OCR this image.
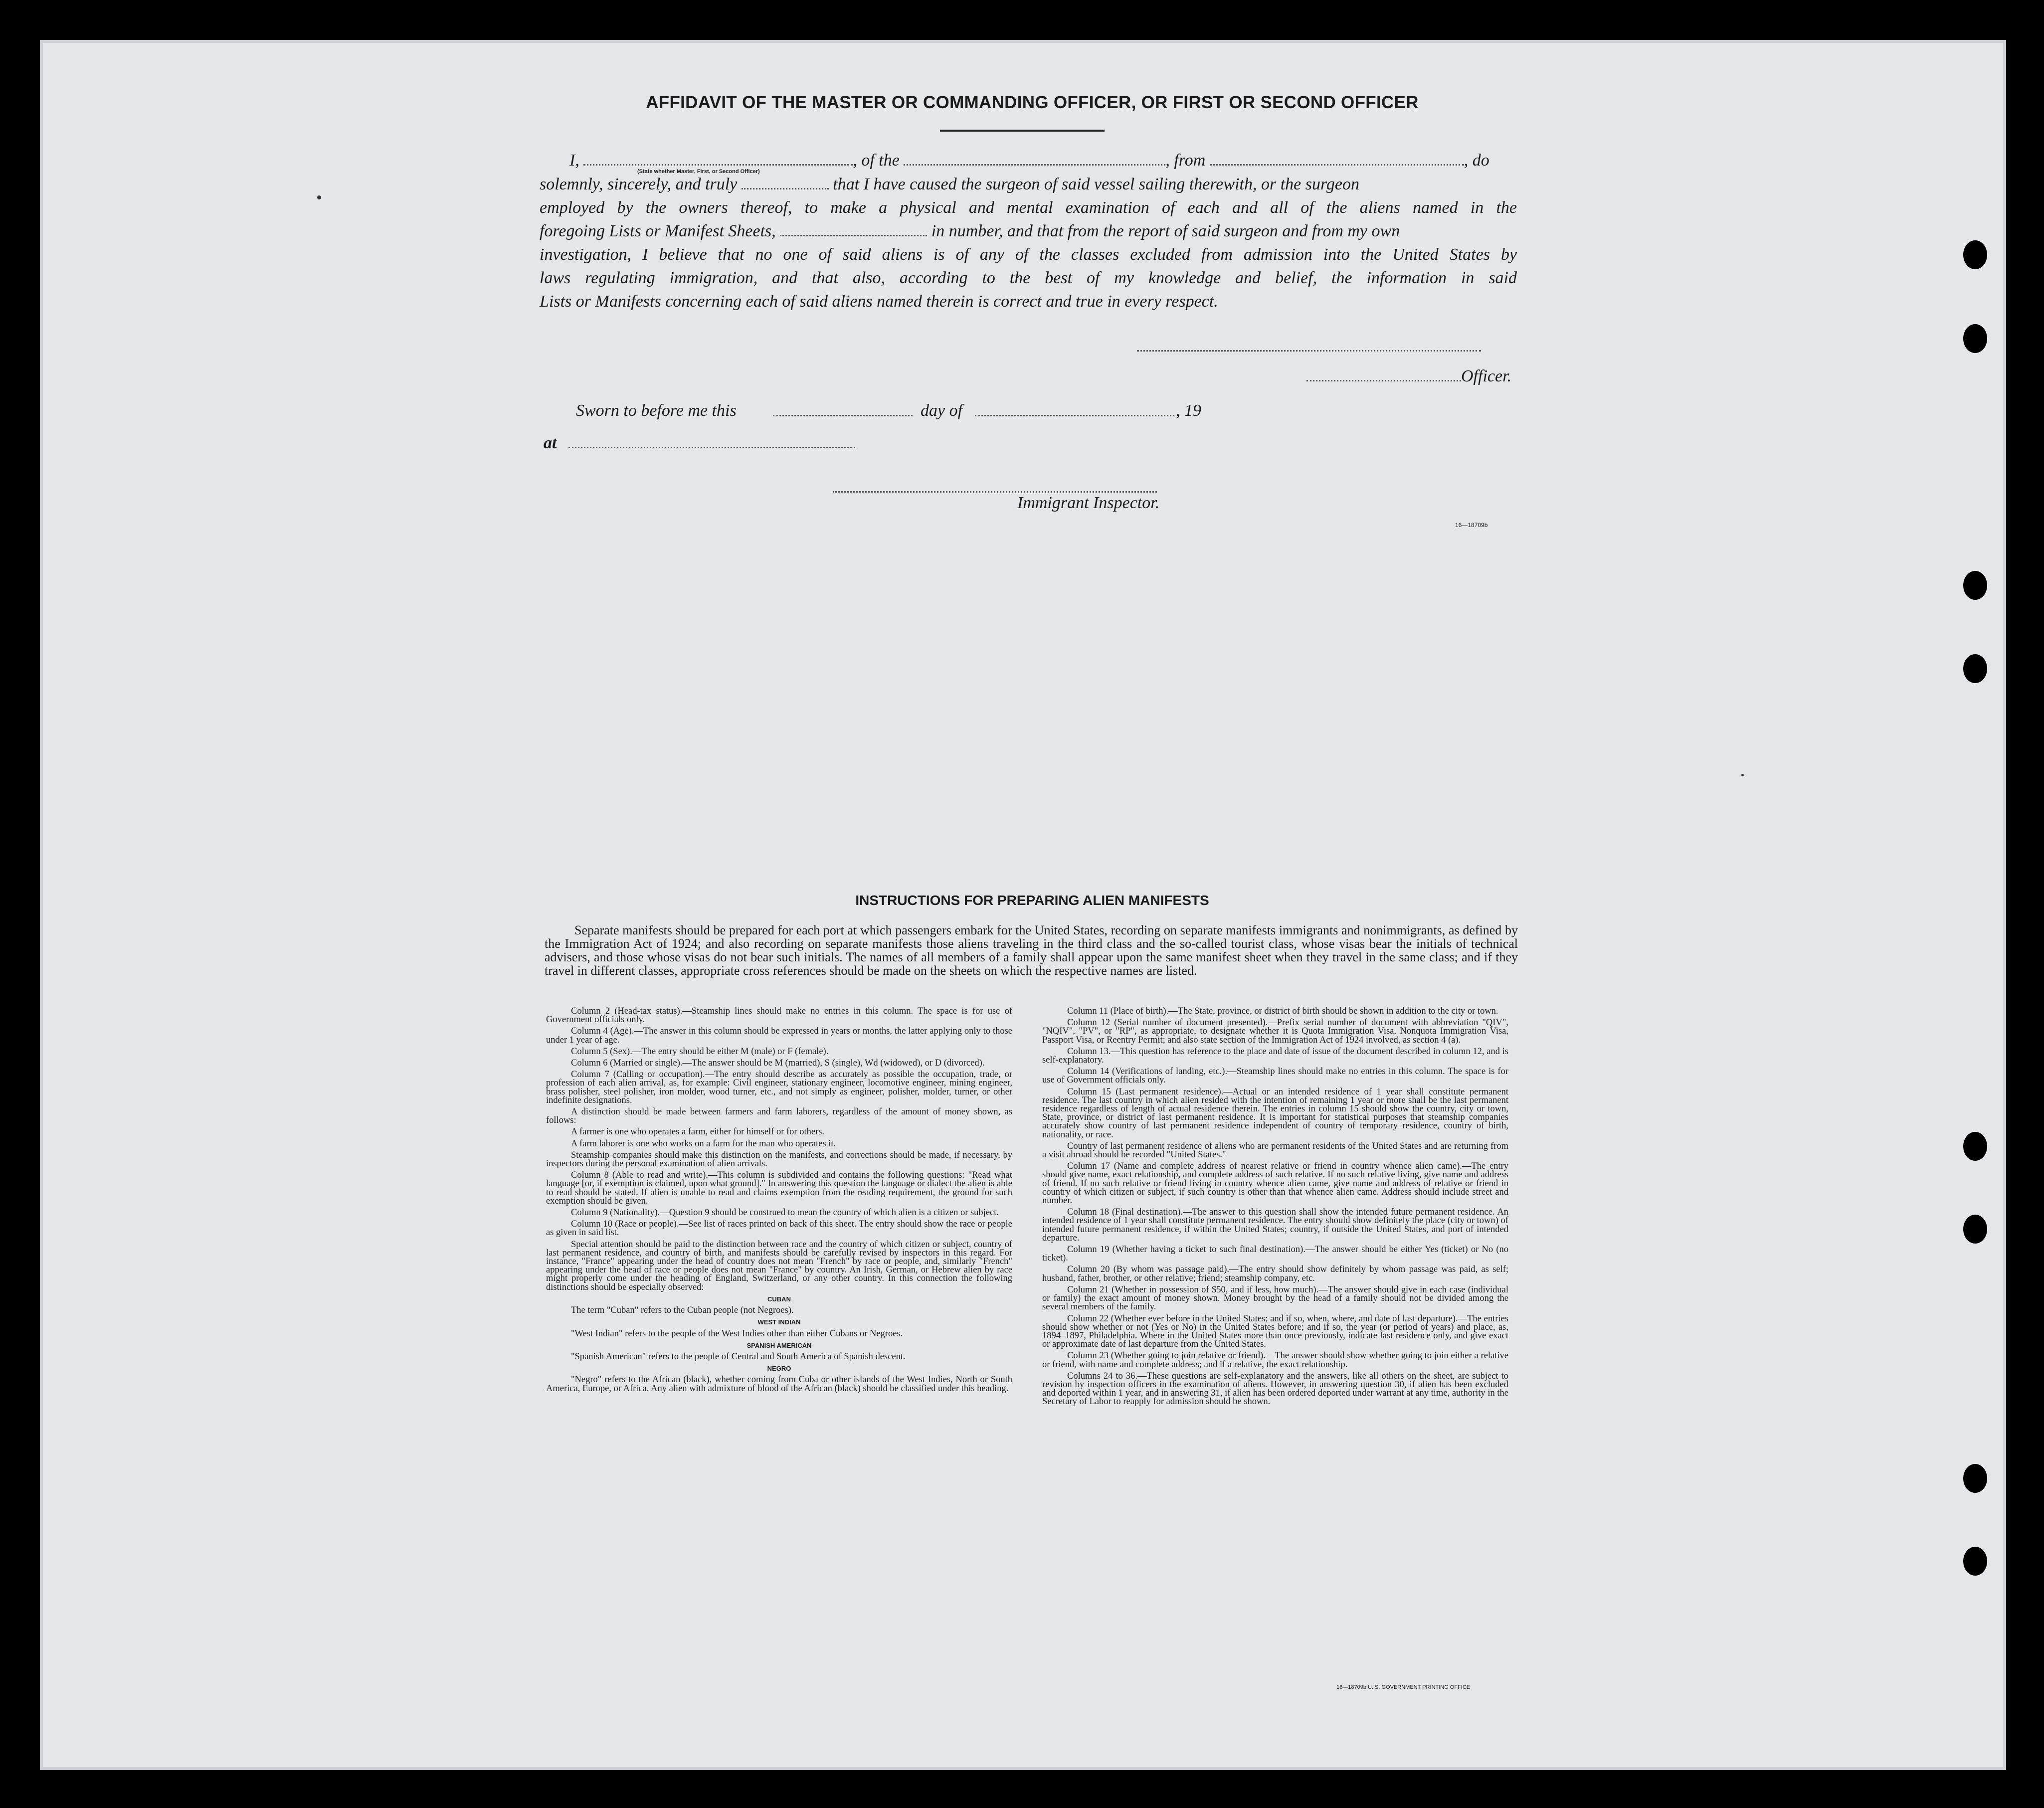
AFFIDAVIT OF THE MASTER OR COMMANDING OFFICER, OR FIRST OR SECOND OFFICER
I,	, of the	, from	, do
(State whether Master, First, or Second Officer)
solemnly, sincerely, and truly	that I have caused the surgeon of said vessel sailing therewith, or the surgeon
employed by the owners thereof, to make a physical and mental examination of each and all of the aliens named in the
foregoing Lists or Manifest Sheets,	in number, and that from the report of said surgeon and from my own
investigation, I believe that no one of said aliens is of any of the classes excluded from admission into the United States by
laws regulating immigration, and that also, according to the best of my knowledge and belief, the information in said
Lists or Manifests concerning each of said aliens named therein is correct and true in every respect.
Officer.
Sworn to before me this	day of	, 19
at
Immigrant Inspector.
16—18709b
INSTRUCTIONS FOR PREPARING ALIEN MANIFESTS

Separate manifests should be prepared for each port at which passengers embark for the United States, recording on separate manifests immigrants and nonimmigrants, as defined by the Immigration Act of 1924; and also recording on separate manifests those aliens traveling in the third class and the so-called tourist class, whose visas bear the initials of technical advisers, and those whose visas do not bear such initials. The names of all members of a family shall appear upon the same manifest sheet when they travel in the same class; and if they travel in different classes, appropriate cross references should be made on the sheets on which the respective names are listed.

Column 2 (Head-tax status).—Steamship lines should make no entries in this column. The space is for use of Government officials only.

Column 4 (Age).—The answer in this column should be expressed in years or months, the latter applying only to those under 1 year of age.

Column 5 (Sex).—The entry should be either M (male) or F (female).

Column 6 (Married or single).—The answer should be M (married), S (single), Wd (widowed), or D (divorced).

Column 7 (Calling or occupation).—The entry should describe as accurately as possible the occupation, trade, or profession of each alien arrival, as, for example: Civil engineer, stationary engineer, locomotive engineer, mining engineer, brass polisher, steel polisher, iron molder, wood turner, etc., and not simply as engineer, polisher, molder, turner, or other indefinite designations.

A distinction should be made between farmers and farm laborers, regardless of the amount of money shown, as follows:

A farmer is one who operates a farm, either for himself or for others.

A farm laborer is one who works on a farm for the man who operates it.

Steamship companies should make this distinction on the manifests, and corrections should be made, if necessary, by inspectors during the personal examination of alien arrivals.

Column 8 (Able to read and write).—This column is subdivided and contains the following questions: "Read what language [or, if exemption is claimed, upon what ground]." In answering this question the language or dialect the alien is able to read should be stated. If alien is unable to read and claims exemption from the reading requirement, the ground for such exemption should be given.

Column 9 (Nationality).—Question 9 should be construed to mean the country of which alien is a citizen or subject.

Column 10 (Race or people).—See list of races printed on back of this sheet. The entry should show the race or people as given in said list.

Special attention should be paid to the distinction between race and the country of which citizen or subject, country of last permanent residence, and country of birth, and manifests should be carefully revised by inspectors in this regard. For instance, "France" appearing under the head of country does not mean "French" by race or people, and, similarly "French" appearing under the head of race or people does not mean "France" by country. An Irish, German, or Hebrew alien by race might properly come under the heading of England, Switzerland, or any other country. In this connection the following distinctions should be especially observed:

CUBAN

The term "Cuban" refers to the Cuban people (not Negroes).

WEST INDIAN

"West Indian" refers to the people of the West Indies other than either Cubans or Negroes.

SPANISH AMERICAN

"Spanish American" refers to the people of Central and South America of Spanish descent.

NEGRO

"Negro" refers to the African (black), whether coming from Cuba or other islands of the West Indies, North or South America, Europe, or Africa. Any alien with admixture of blood of the African (black) should be classified under this heading.

Column 11 (Place of birth).—The State, province, or district of birth should be shown in addition to the city or town.

Column 12 (Serial number of document presented).—Prefix serial number of document with abbreviation "QIV", "NQIV", "PV", or "RP", as appropriate, to designate whether it is Quota Immigration Visa, Nonquota Immigration Visa, Passport Visa, or Reentry Permit; and also state section of the Immigration Act of 1924 involved, as section 4 (a).

Column 13.—This question has reference to the place and date of issue of the document described in column 12, and is self-explanatory.

Column 14 (Verifications of landing, etc.).—Steamship lines should make no entries in this column. The space is for use of Government officials only.

Column 15 (Last permanent residence).—Actual or an intended residence of 1 year shall constitute permanent residence. The last country in which alien resided with the intention of remaining 1 year or more shall be the last permanent residence regardless of length of actual residence therein. The entries in column 15 should show the country, city or town, State, province, or district of last permanent residence. It is important for statistical purposes that steamship companies accurately show country of last permanent residence independent of country of temporary residence, country of birth, nationality, or race.

Country of last permanent residence of aliens who are permanent residents of the United States and are returning from a visit abroad should be recorded "United States."

Column 17 (Name and complete address of nearest relative or friend in country whence alien came).—The entry should give name, exact relationship, and complete address of such relative. If no such relative living, give name and address of friend. If no such relative or friend living in country whence alien came, give name and address of relative or friend in country of which citizen or subject, if such country is other than that whence alien came. Address should include street and number.

Column 18 (Final destination).—The answer to this question shall show the intended future permanent residence. An intended residence of 1 year shall constitute permanent residence. The entry should show definitely the place (city or town) of intended future permanent residence, if within the United States; country, if outside the United States, and port of intended departure.

Column 19 (Whether having a ticket to such final destination).—The answer should be either Yes (ticket) or No (no ticket).

Column 20 (By whom was passage paid).—The entry should show definitely by whom passage was paid, as self; husband, father, brother, or other relative; friend; steamship company, etc.

Column 21 (Whether in possession of $50, and if less, how much).—The answer should give in each case (individual or family) the exact amount of money shown. Money brought by the head of a family should not be divided among the several members of the family.

Column 22 (Whether ever before in the United States; and if so, when, where, and date of last departure).—The entries should show whether or not (Yes or No) in the United States before; and if so, the year (or period of years) and place, as, 1894–1897, Philadelphia. Where in the United States more than once previously, indicate last residence only, and give exact or approximate date of last departure from the United States.

Column 23 (Whether going to join relative or friend).—The answer should show whether going to join either a relative or friend, with name and complete address; and if a relative, the exact relationship.

Columns 24 to 36.—These questions are self-explanatory and the answers, like all others on the sheet, are subject to revision by inspection officers in the examination of aliens. However, in answering question 30, if alien has been excluded and deported within 1 year, and in answering 31, if alien has been ordered deported under warrant at any time, authority in the Secretary of Labor to reapply for admission should be shown.

16—18709b U. S. GOVERNMENT PRINTING OFFICE
